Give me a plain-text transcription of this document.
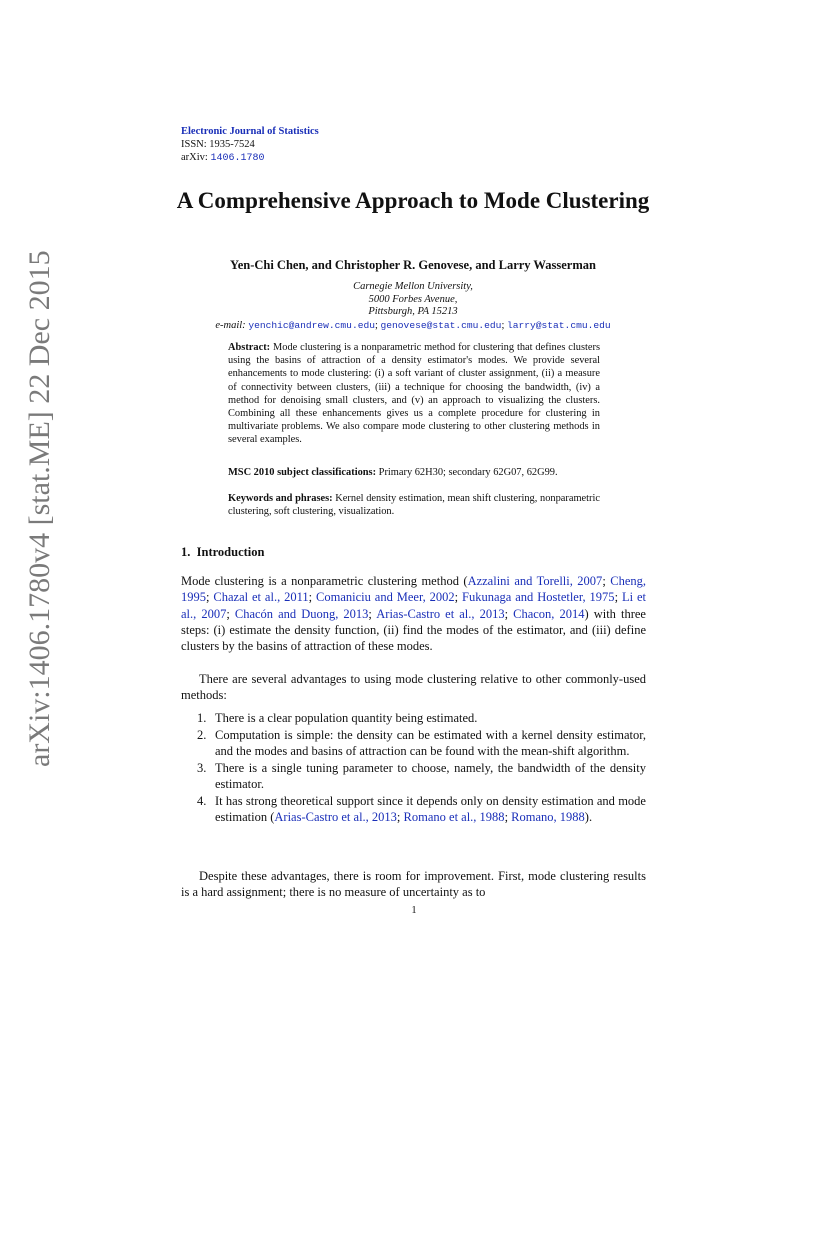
arXiv:1406.1780v4 [stat.ME] 22 Dec 2015
Electronic Journal of Statistics
ISSN: 1935-7524
arXiv: 1406.1780
A Comprehensive Approach to Mode Clustering
Yen-Chi Chen, and Christopher R. Genovese, and Larry Wasserman
Carnegie Mellon University,
5000 Forbes Avenue,
Pittsburgh, PA 15213
e-mail: yenchic@andrew.cmu.edu; genovese@stat.cmu.edu; larry@stat.cmu.edu

Abstract: Mode clustering is a nonparametric method for clustering that defines clusters using the basins of attraction of a density estimator's modes. We provide several enhancements to mode clustering: (i) a soft variant of cluster assignment, (ii) a measure of connectivity between clusters, (iii) a technique for choosing the bandwidth, (iv) a method for denoising small clusters, and (v) an approach to visualizing the clusters. Combining all these enhancements gives us a complete procedure for clustering in multivariate problems. We also compare mode clustering to other clustering methods in several examples.

MSC 2010 subject classifications: Primary 62H30; secondary 62G07, 62G99.

Keywords and phrases: Kernel density estimation, mean shift clustering, nonparametric clustering, soft clustering, visualization.

1. Introduction

Mode clustering is a nonparametric clustering method (Azzalini and Torelli, 2007; Cheng, 1995; Chazal et al., 2011; Comaniciu and Meer, 2002; Fukunaga and Hostetler, 1975; Li et al., 2007; Chacón and Duong, 2013; Arias-Castro et al., 2013; Chacon, 2014) with three steps: (i) estimate the density function, (ii) find the modes of the estimator, and (iii) define clusters by the basins of attraction of these modes.

There are several advantages to using mode clustering relative to other commonly-used methods:

1. There is a clear population quantity being estimated.
2. Computation is simple: the density can be estimated with a kernel density estimator, and the modes and basins of attraction can be found with the mean-shift algorithm.
3. There is a single tuning parameter to choose, namely, the bandwidth of the density estimator.
4. It has strong theoretical support since it depends only on density estimation and mode estimation (Arias-Castro et al., 2013; Romano et al., 1988; Romano, 1988).

Despite these advantages, there is room for improvement. First, mode clustering results is a hard assignment; there is no measure of uncertainty as to

1
